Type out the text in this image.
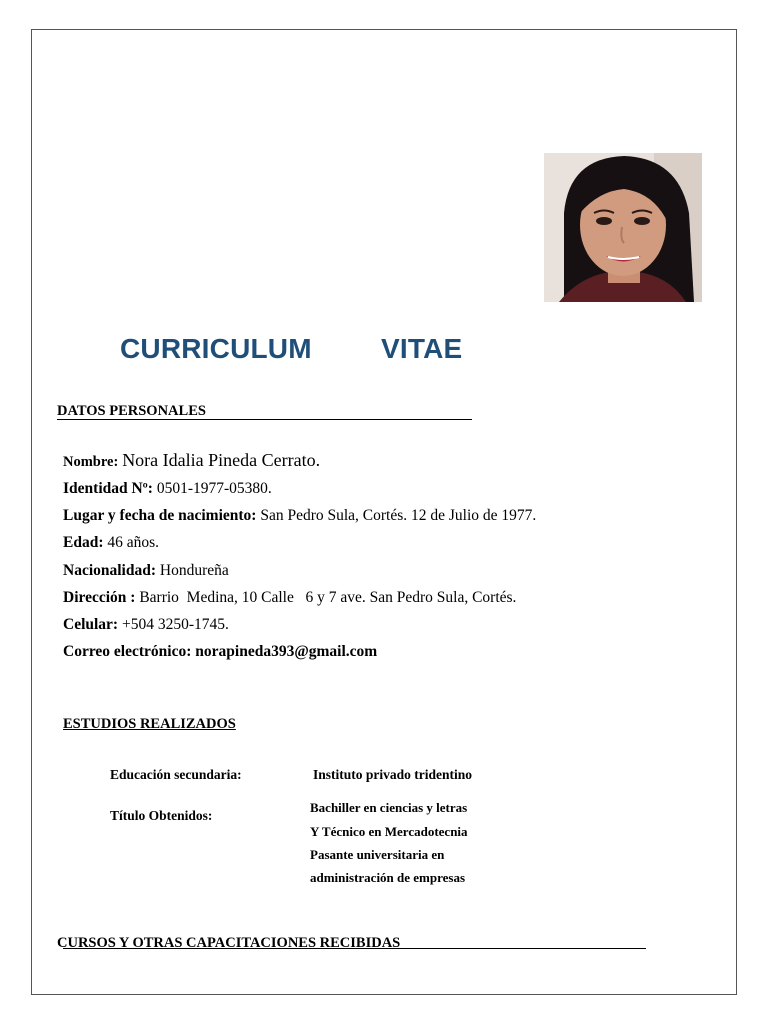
CURRICULUM VITAE
DATOS PERSONALES
Nombre: Nora Idalia Pineda Cerrato.
Identidad Nº: 0501-1977-05380.
Lugar y fecha de nacimiento: San Pedro Sula, Cortés. 12 de Julio de 1977.
Edad: 46 años.
Nacionalidad: Hondureña
Dirección : Barrio  Medina, 10 Calle   6 y 7 ave. San Pedro Sula, Cortés.
Celular: +504 3250-1745.
Correo electrónico: norapineda393@gmail.com
ESTUDIOS REALIZADOS
Educación secundaria:	Instituto privado tridentino
Título Obtenidos:
Bachiller en ciencias y letras
Y Técnico en Mercadotecnia
Pasante universitaria en
administración de empresas
CURSOS Y OTRAS CAPACITACIONES RECIBIDAS
